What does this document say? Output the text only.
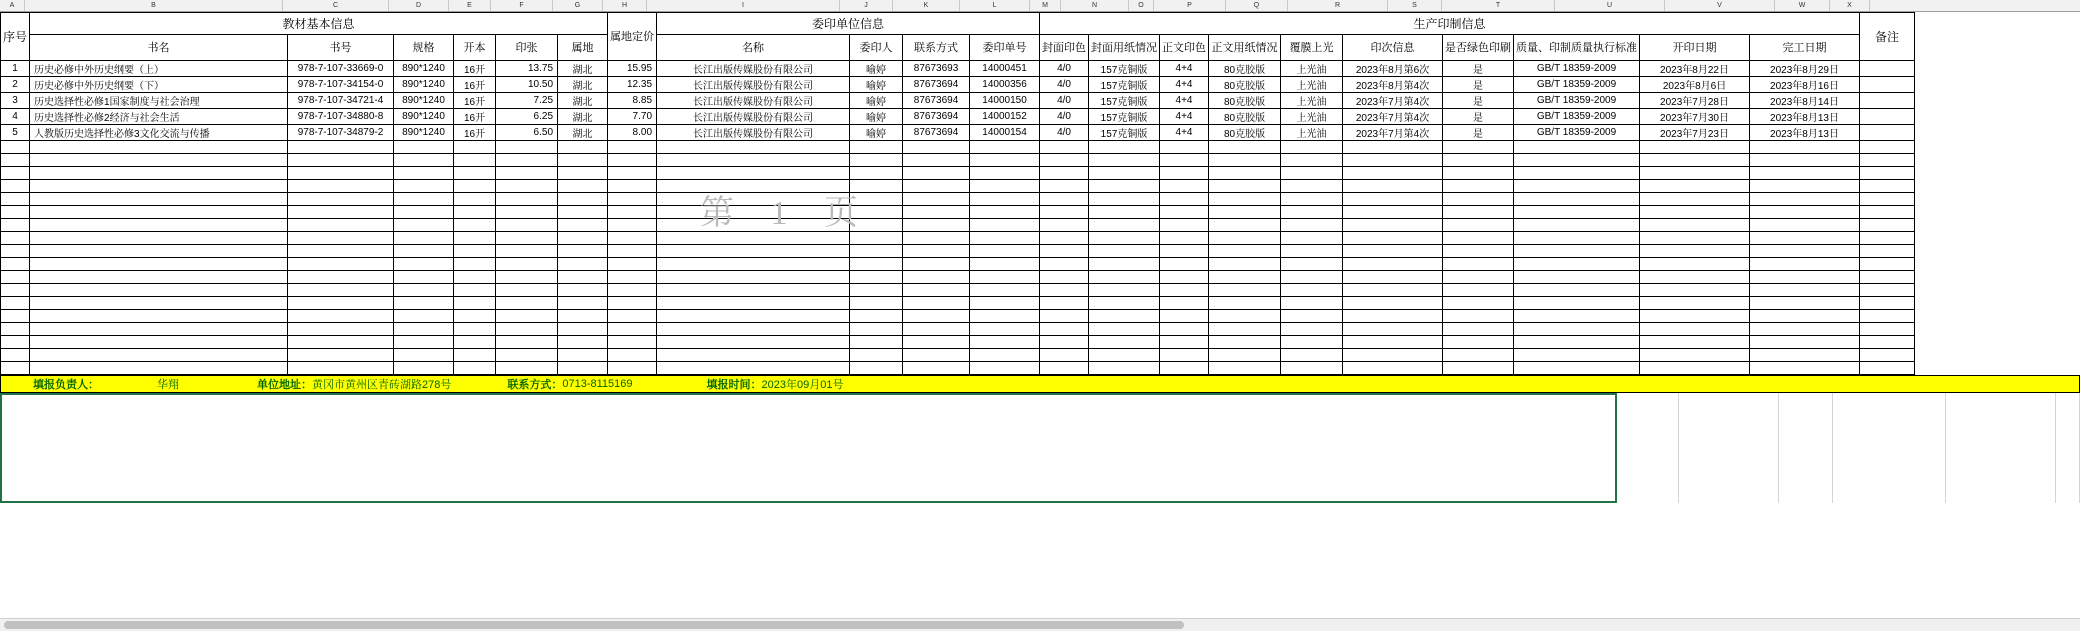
A	B	C	D	E	F	G	H	I	J	K	L	M	N	O	P	Q	R	S	T	U	V	W	X
序号	教材基本信息						属地定价	委印单位信息				生产印制信息										备注
	书名	书号	规格	开本	印张	属地		名称	委印人	联系方式	委印单号	封面印色	封面用纸情况	正文印色	正文用纸情况	覆膜上光	印次信息	是否绿色印刷	质量、印制质量执行标准	开印日期	完工日期	
1	历史必修中外历史纲要（上）	978-7-107-33669-0	890*1240	16开	13.75	湖北	15.95	长江出版传媒股份有限公司	喻婷	87673693	14000451	4/0	157克铜版	4+4	80克胶版	上光油	2023年8月第6次	是	GB/T 18359-2009	2023年8月22日	2023年8月29日	
2	历史必修中外历史纲要（下）	978-7-107-34154-0	890*1240	16开	10.50	湖北	12.35	长江出版传媒股份有限公司	喻婷	87673694	14000356	4/0	157克铜版	4+4	80克胶版	上光油	2023年8月第4次	是	GB/T 18359-2009	2023年8月6日	2023年8月16日	
3	历史选择性必修1国家制度与社会治理	978-7-107-34721-4	890*1240	16开	7.25	湖北	8.85	长江出版传媒股份有限公司	喻婷	87673694	14000150	4/0	157克铜版	4+4	80克胶版	上光油	2023年7月第4次	是	GB/T 18359-2009	2023年7月28日	2023年8月14日	
4	历史选择性必修2经济与社会生活	978-7-107-34880-8	890*1240	16开	6.25	湖北	7.70	长江出版传媒股份有限公司	喻婷	87673694	14000152	4/0	157克铜版	4+4	80克胶版	上光油	2023年7月第4次	是	GB/T 18359-2009	2023年7月30日	2023年8月13日	
5	人教版历史选择性必修3文化交流与传播	978-7-107-34879-2	890*1240	16开	6.50	湖北	8.00	长江出版传媒股份有限公司	喻婷	87673694	14000154	4/0	157克铜版	4+4	80克胶版	上光油	2023年7月第4次	是	GB/T 18359-2009	2023年7月23日	2023年8月13日	

第 1 页
填报负责人：	华翔	单位地址： 黄冈市黄州区青砖湖路278号	联系方式： 0713-8115169	填报时间： 2023年09月01号
